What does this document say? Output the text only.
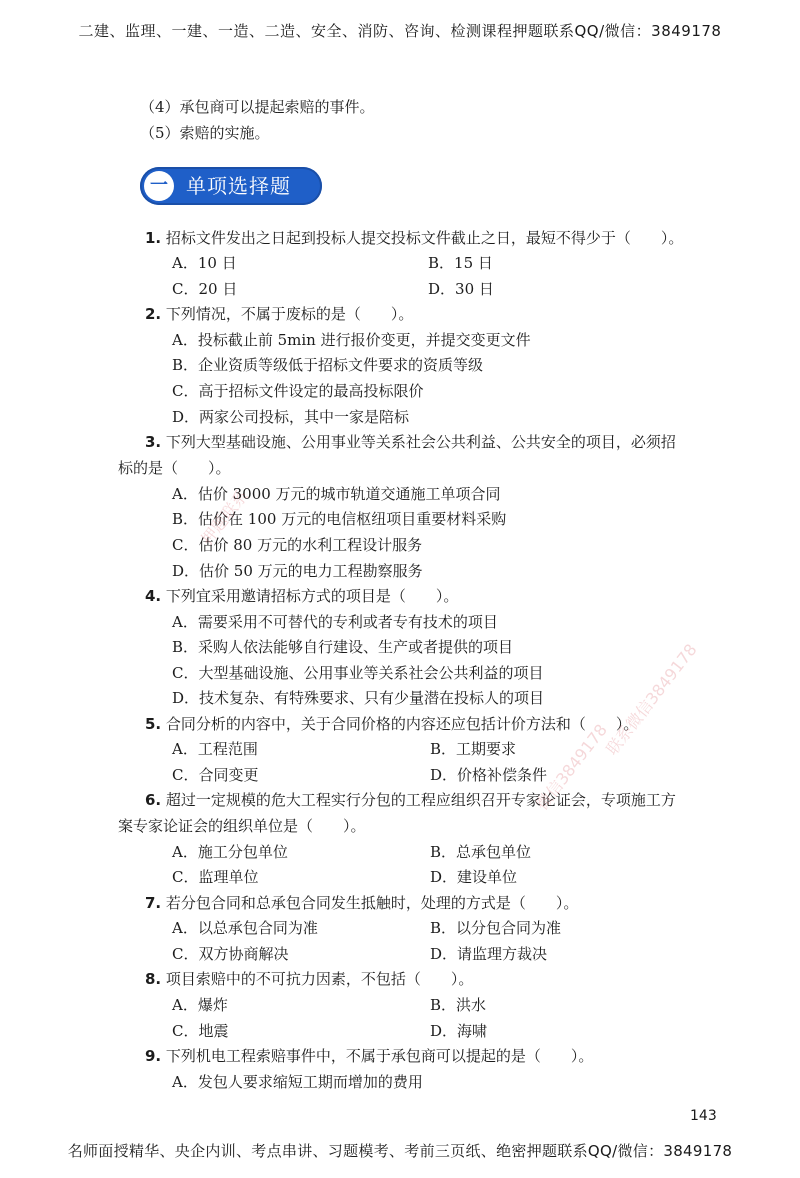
二建、监理、一建、一造、二造、安全、消防、咨询、检测课程押题联系QQ/微信：3849178
（4）承包商可以提起索赔的事件。
（5）索赔的实施。
一 单项选择题
1. 招标文件发出之日起到投标人提交投标文件截止之日，最短不得少于（　　）。
A．10 日	B．15 日
C．20 日	D．30 日
2. 下列情况，不属于废标的是（　　）。
A．投标截止前 5min 进行报价变更，并提交变更文件
B．企业资质等级低于招标文件要求的资质等级
C．高于招标文件设定的最高投标限价
D．两家公司投标，其中一家是陪标
3. 下列大型基础设施、公用事业等关系社会公共利益、公共安全的项目，必须招
标的是（　　）。
A．估价 3000 万元的城市轨道交通施工单项合同
B．估价在 100 万元的电信枢纽项目重要材料采购
C．估价 80 万元的水利工程设计服务
D．估价 50 万元的电力工程勘察服务
4. 下列宜采用邀请招标方式的项目是（　　）。
A．需要采用不可替代的专利或者专有技术的项目
B．采购人依法能够自行建设、生产或者提供的项目
C．大型基础设施、公用事业等关系社会公共利益的项目
D．技术复杂、有特殊要求、只有少量潜在投标人的项目
5. 合同分析的内容中，关于合同价格的内容还应包括计价方法和（　　）。
A．工程范围	B．工期要求
C．合同变更	D．价格补偿条件
6. 超过一定规模的危大工程实行分包的工程应组织召开专家论证会，专项施工方
案专家论证会的组织单位是（　　）。
A．施工分包单位	B．总承包单位
C．监理单位	D．建设单位
7. 若分包合同和总承包合同发生抵触时，处理的方式是（　　）。
A．以总承包合同为准	B．以分包合同为准
C．双方协商解决	D．请监理方裁决
8. 项目索赔中的不可抗力因素，不包括（　　）。
A．爆炸	B．洪水
C．地震	D．海啸
9. 下列机电工程索赔事件中，不属于承包商可以提起的是（　　）。
A．发包人要求缩短工期而增加的费用
押题联系
微信3849178
联系微信3849178
143
名师面授精华、央企内训、考点串讲、习题模考、考前三页纸、绝密押题联系QQ/微信：3849178
